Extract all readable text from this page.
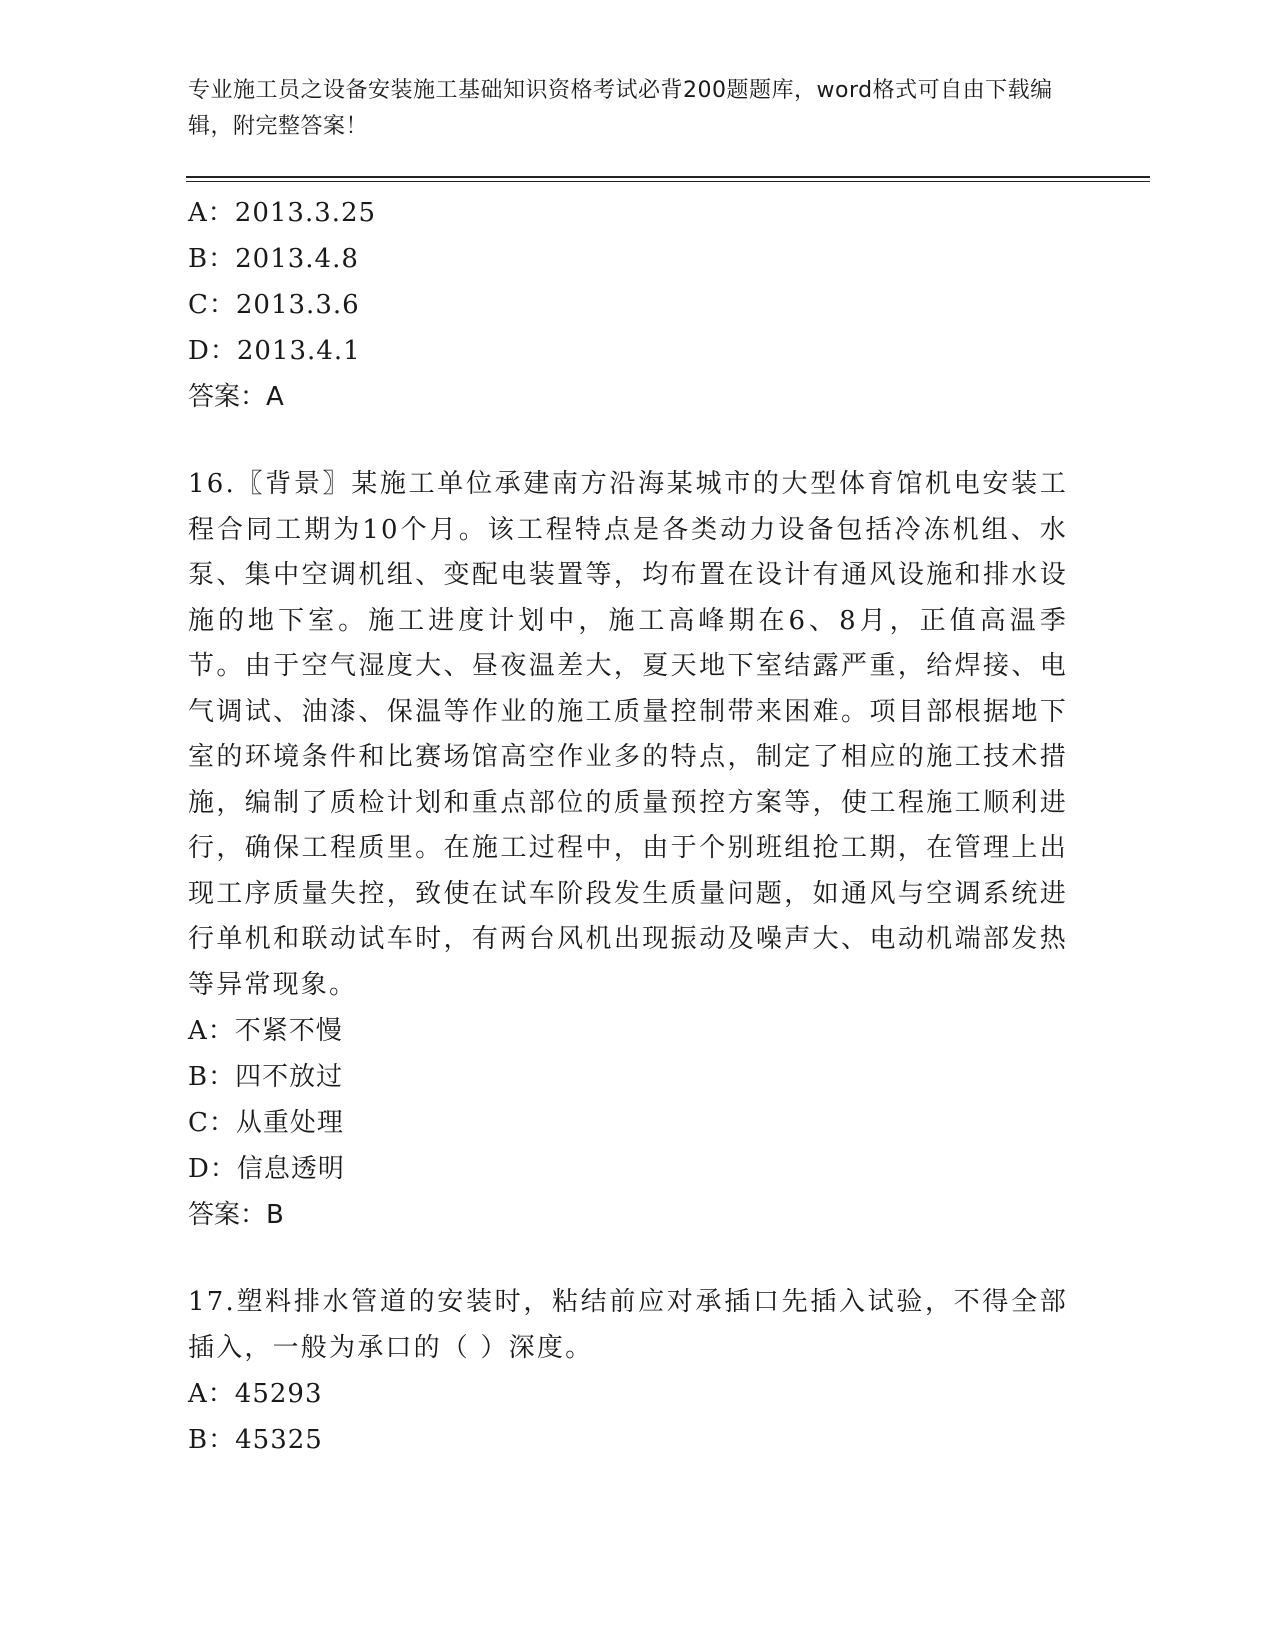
专业施工员之设备安装施工基础知识资格考试必背200题题库，word格式可自由下载编辑，附完整答案！
A：2013.3.25
B：2013.4.8
C：2013.3.6
D：2013.4.1
答案：A
16.〖背景〗某施工单位承建南方沿海某城市的大型体育馆机电安装工程合同工期为10个月。该工程特点是各类动力设备包括冷冻机组、水泵、集中空调机组、变配电装置等，均布置在设计有通风设施和排水设施的地下室。施工进度计划中，施工高峰期在6、8月，正值高温季节。由于空气湿度大、昼夜温差大，夏天地下室结露严重，给焊接、电气调试、油漆、保温等作业的施工质量控制带来困难。项目部根据地下室的环境条件和比赛场馆高空作业多的特点，制定了相应的施工技术措施，编制了质检计划和重点部位的质量预控方案等，使工程施工顺利进行，确保工程质里。在施工过程中，由于个别班组抢工期，在管理上出现工序质量失控，致使在试车阶段发生质量问题，如通风与空调系统进行单机和联动试车时，有两台风机出现振动及噪声大、电动机端部发热等异常现象。
A：不紧不慢
B：四不放过
C：从重处理
D：信息透明
答案：B
17.塑料排水管道的安装时，粘结前应对承插口先插入试验，不得全部插入，一般为承口的（ ）深度。
A：45293
B：45325
